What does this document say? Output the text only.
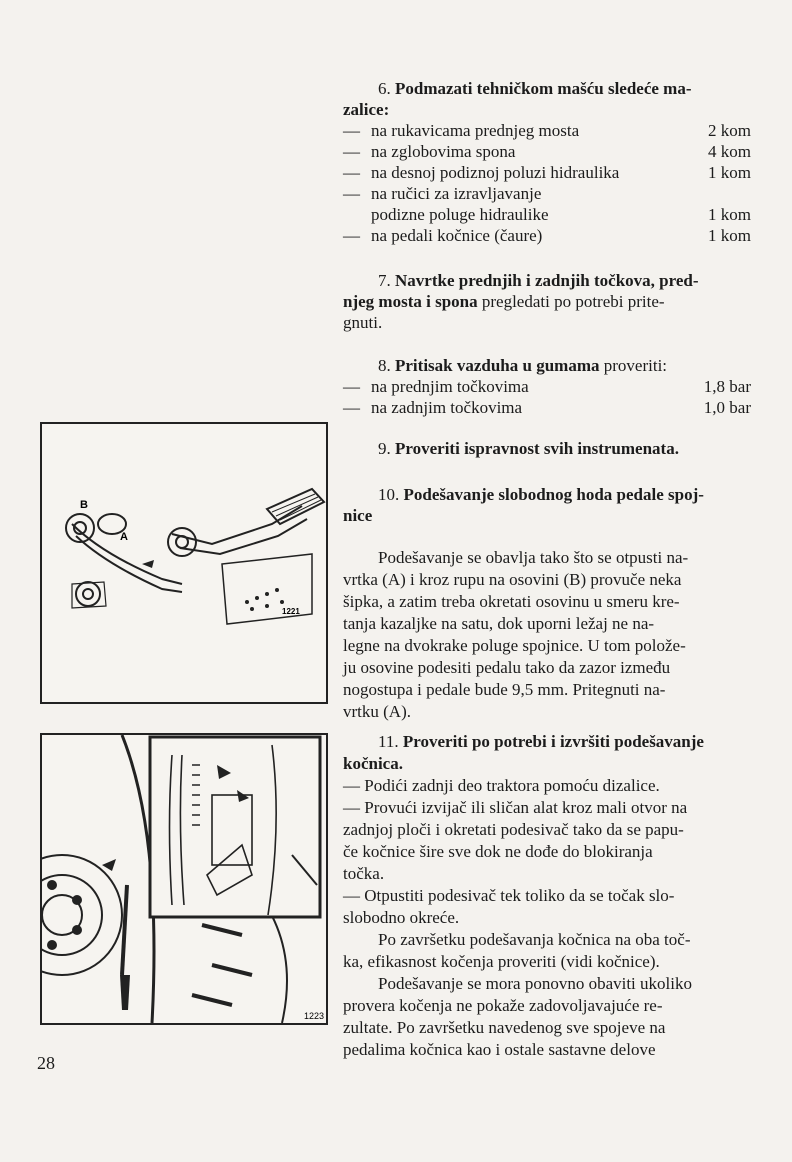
6. Podmazati tehničkom mašću sledeće ma-

zalice:

— na rukavicama prednjeg mosta	2 kom
— na zglobovima spona	4 kom
— na desnoj podiznoj poluzi hidraulika	1 kom
— na ručici za izravljavanje
podizne poluge hidraulike	1 kom
— na pedali kočnice (čaure)	1 kom

7. Navrtke prednjih i zadnjih točkova, pred-

njeg mosta i spona pregledati po potrebi prite-

gnuti.

8. Pritisak vazduha u gumama proveriti:

— na prednjim točkovima	1,8 bar
— na zadnjim točkovima	1,0 bar

9. Proveriti ispravnost svih instrumenata.

10. Podešavanje slobodnog hoda pedale spoj-

nice

Podešavanje se obavlja tako što se otpusti na-

vrtka (A) i kroz rupu na osovini (B) provuče neka

šipka, a zatim treba okretati osovinu u smeru kre-

tanja kazaljke na satu, dok uporni ležaj ne na-

legne na dvokrake poluge spojnice. U tom polože-

ju osovine podesiti pedalu tako da zazor između

nogostupa i pedale bude 9,5 mm. Pritegnuti na-

vrtku (A).

11. Proveriti po potrebi i izvršiti podešavanje

kočnica.

— Podići zadnji deo traktora pomoću dizalice.

— Provući izvijač ili sličan alat kroz mali otvor na

zadnjoj ploči i okretati podesivač tako da se papu-

če kočnice šire sve dok ne dođe do blokiranja

točka.

— Otpustiti podesivač tek toliko da se točak slo-

slobodno okreće.

Po završetku podešavanja kočnica na oba toč-

ka, efikasnost kočenja proveriti (vidi kočnice).

Podešavanje se mora ponovno obaviti ukoliko

provera kočenja ne pokaže zadovoljavajuće re-

zultate. Po završetku navedenog sve spojeve na

pedalima kočnica kao i ostale sastavne delove

B
A
1221
1223
28
